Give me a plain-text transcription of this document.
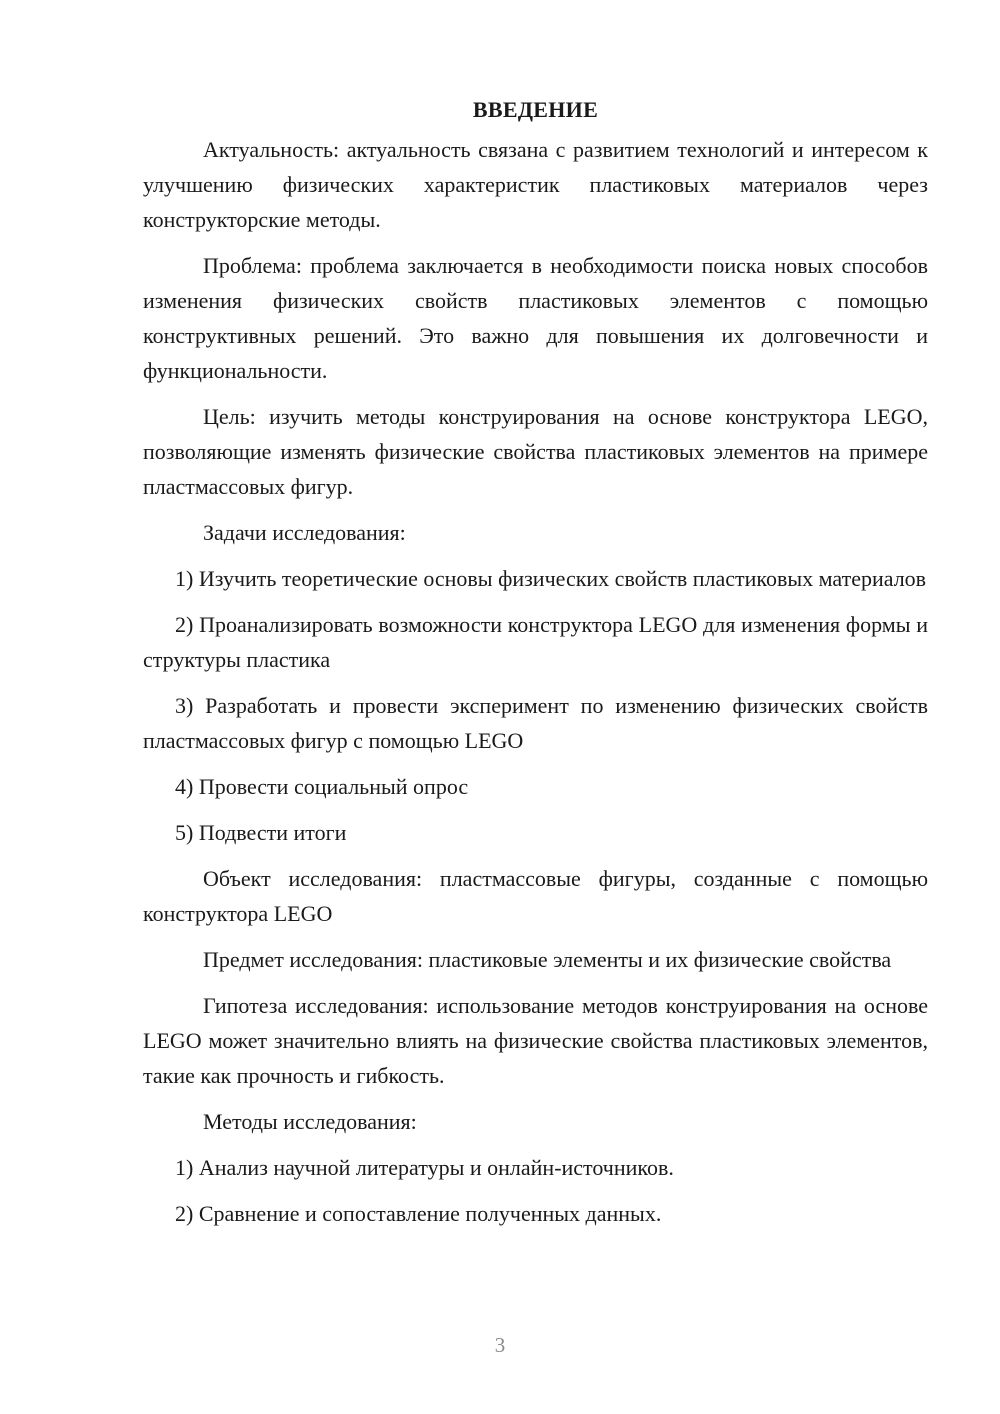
ВВЕДЕНИЕ

Актуальность: актуальность связана с развитием технологий и интересом к улучшению физических характеристик пластиковых материалов через конструкторские методы.

Проблема: проблема заключается в необходимости поиска новых способов изменения физических свойств пластиковых элементов с помощью конструктивных решений. Это важно для повышения их долговечности и функциональности.

Цель: изучить методы конструирования на основе конструктора LEGO, позволяющие изменять физические свойства пластиковых элементов на примере пластмассовых фигур.

Задачи исследования:

1) Изучить теоретические основы физических свойств пластиковых материалов

2) Проанализировать возможности конструктора LEGO для изменения формы и структуры пластика

3) Разработать и провести эксперимент по изменению физических свойств пластмассовых фигур с помощью LEGO

4) Провести социальный опрос

5) Подвести итоги

Объект исследования: пластмассовые фигуры, созданные с помощью конструктора LEGO

Предмет исследования: пластиковые элементы и их физические свойства

Гипотеза исследования: использование методов конструирования на основе LEGO может значительно влиять на физические свойства пластиковых элементов, такие как прочность и гибкость.

Методы исследования:

1) Анализ научной литературы и онлайн-источников.

2) Сравнение и сопоставление полученных данных.

3
